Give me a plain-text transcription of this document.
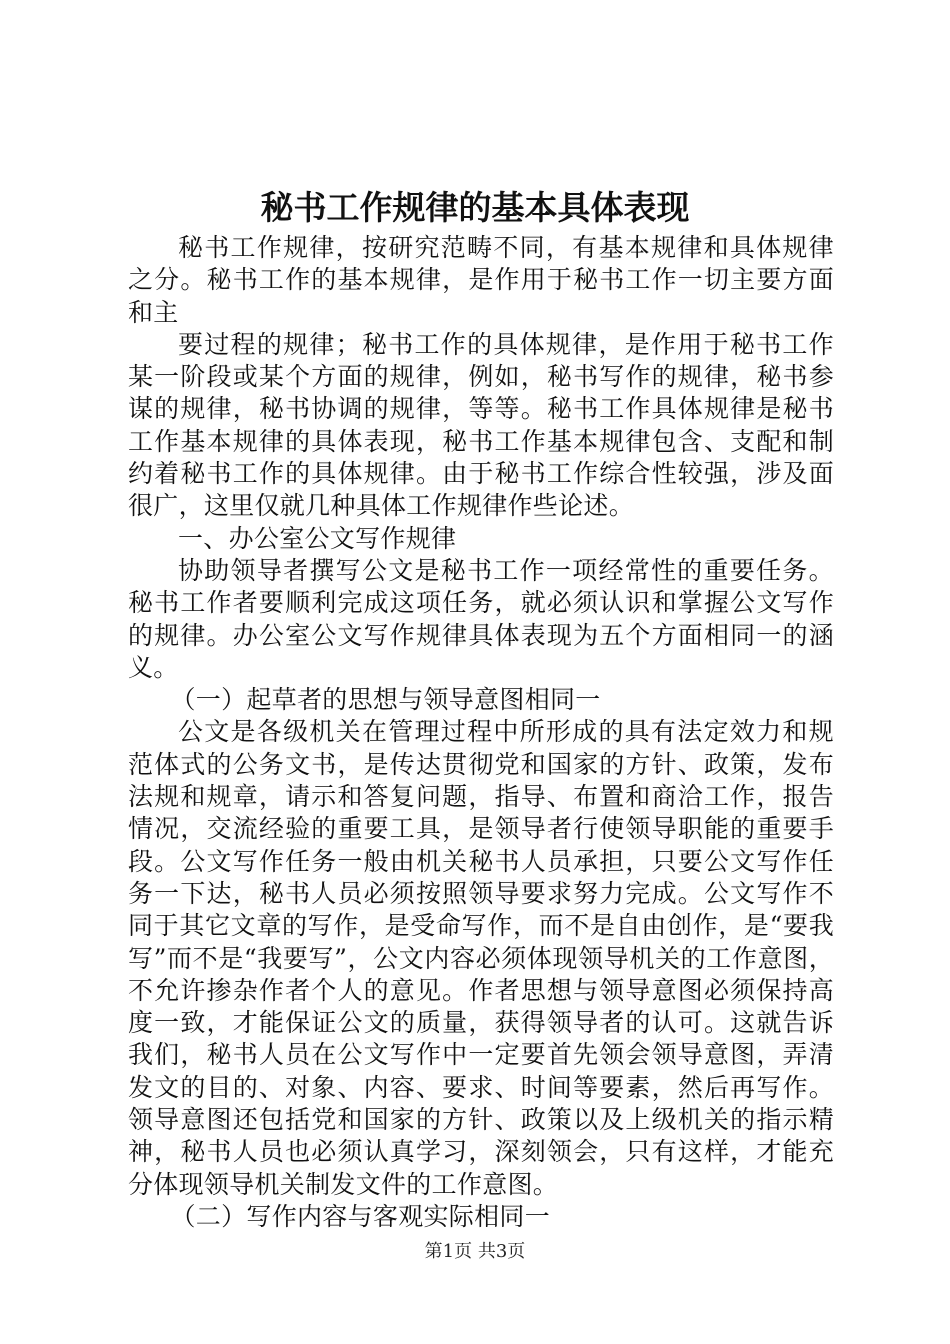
秘书工作规律的基本具体表现

秘书工作规律，按研究范畴不同，有基本规律和具体规律之分。秘书工作的基本规律，是作用于秘书工作一切主要方面和主

要过程的规律；秘书工作的具体规律，是作用于秘书工作某一阶段或某个方面的规律，例如，秘书写作的规律，秘书参谋的规律，秘书协调的规律，等等。秘书工作具体规律是秘书工作基本规律的具体表现，秘书工作基本规律包含、支配和制约着秘书工作的具体规律。由于秘书工作综合性较强，涉及面很广，这里仅就几种具体工作规律作些论述。

一、办公室公文写作规律

协助领导者撰写公文是秘书工作一项经常性的重要任务。秘书工作者要顺利完成这项任务，就必须认识和掌握公文写作的规律。办公室公文写作规律具体表现为五个方面相同一的涵义。

（一）起草者的思想与领导意图相同一

公文是各级机关在管理过程中所形成的具有法定效力和规范体式的公务文书，是传达贯彻党和国家的方针、政策，发布法规和规章，请示和答复问题，指导、布置和商洽工作，报告情况，交流经验的重要工具，是领导者行使领导职能的重要手段。公文写作任务一般由机关秘书人员承担，只要公文写作任务一下达，秘书人员必须按照领导要求努力完成。公文写作不同于其它文章的写作，是受命写作，而不是自由创作，是“要我写”而不是“我要写”，公文内容必须体现领导机关的工作意图，不允许掺杂作者个人的意见。作者思想与领导意图必须保持高度一致，才能保证公文的质量，获得领导者的认可。这就告诉我们，秘书人员在公文写作中一定要首先领会领导意图，弄清发文的目的、对象、内容、要求、时间等要素，然后再写作。领导意图还包括党和国家的方针、政策以及上级机关的指示精神，秘书人员也必须认真学习，深刻领会，只有这样，才能充分体现领导机关制发文件的工作意图。

（二）写作内容与客观实际相同一

第1页 共3页
